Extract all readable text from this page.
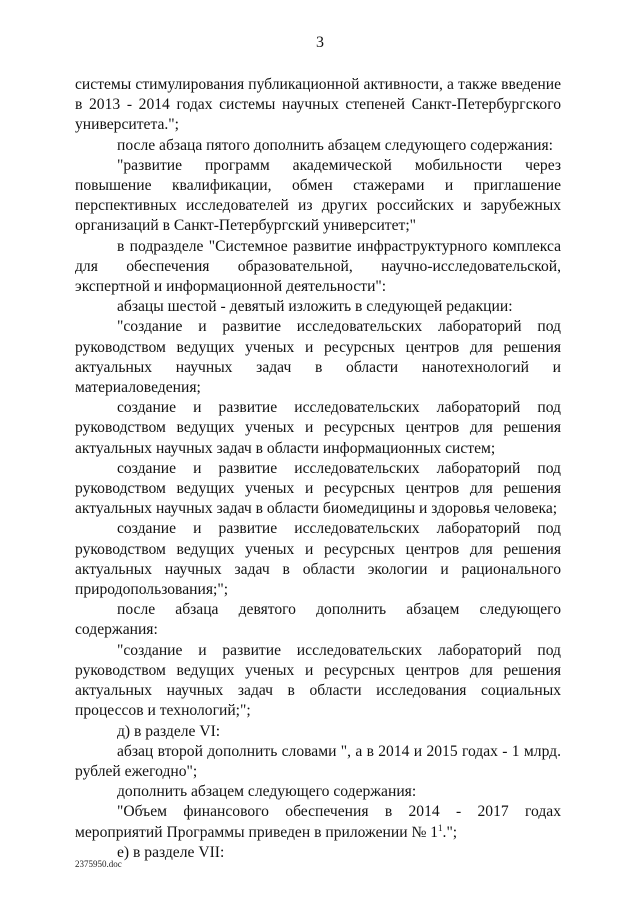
3

системы стимулирования публикационной активности, а также введение в 2013 - 2014 годах системы научных степеней Санкт-Петербургского университета.";

после абзаца пятого дополнить абзацем следующего содержания:

"развитие программ академической мобильности через повышение квалификации, обмен стажерами и приглашение перспективных исследователей из других российских и зарубежных организаций в Санкт-Петербургский университет;"

в подразделе "Системное развитие инфраструктурного комплекса для обеспечения образовательной, научно-исследовательской, экспертной и информационной деятельности":

абзацы шестой - девятый изложить в следующей редакции:

"создание и развитие исследовательских лабораторий под руководством ведущих ученых и ресурсных центров для решения актуальных научных задач в области нанотехнологий и материаловедения;

создание и развитие исследовательских лабораторий под руководством ведущих ученых и ресурсных центров для решения актуальных научных задач в области информационных систем;

создание и развитие исследовательских лабораторий под руководством ведущих ученых и ресурсных центров для решения актуальных научных задач в области биомедицины и здоровья человека;

создание и развитие исследовательских лабораторий под руководством ведущих ученых и ресурсных центров для решения актуальных научных задач в области экологии и рационального природопользования;";

после абзаца девятого дополнить абзацем следующего содержания:

"создание и развитие исследовательских лабораторий под руководством ведущих ученых и ресурсных центров для решения актуальных научных задач в области исследования социальных процессов и технологий;";

д) в разделе VI:

абзац второй дополнить словами ", а в 2014 и 2015 годах - 1 млрд. рублей ежегодно";

дополнить абзацем следующего содержания:

"Объем финансового обеспечения в 2014 - 2017 годах мероприятий Программы приведен в приложении № $1^1$.";

е) в разделе VII:

2375950.doc
